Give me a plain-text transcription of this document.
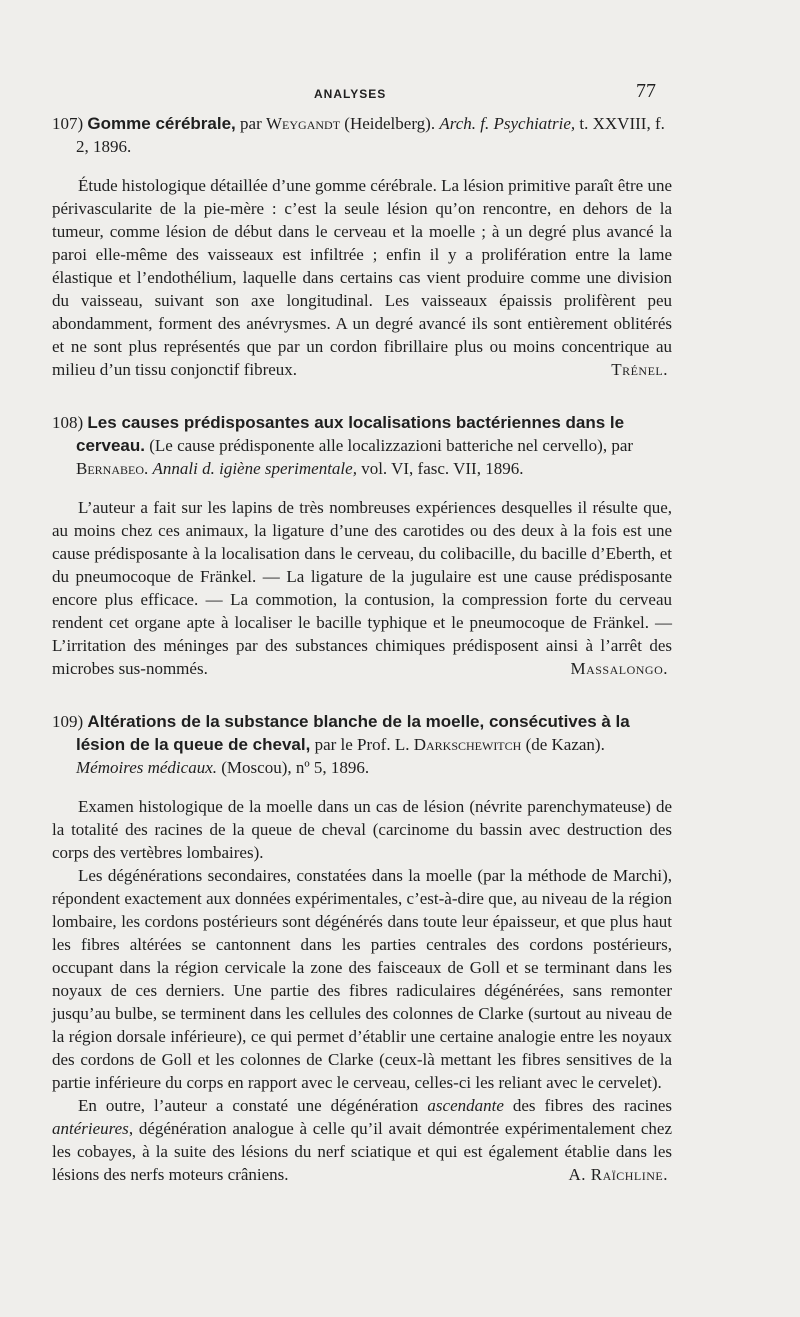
ANALYSES	77

107) Gomme cérébrale, par Weygandt (Heidelberg). Arch. f. Psychiatrie, t. XXVIII, f. 2, 1896.

Étude histologique détaillée d’une gomme cérébrale. La lésion primitive paraît être une périvascularite de la pie-mère : c’est la seule lésion qu’on rencontre, en dehors de la tumeur, comme lésion de début dans le cerveau et la moelle ; à un degré plus avancé la paroi elle-même des vaisseaux est infiltrée ; enfin il y a prolifération entre la lame élastique et l’endothélium, laquelle dans certains cas vient produire comme une division du vaisseau, suivant son axe longitudinal. Les vaisseaux épaissis prolifèrent peu abondamment, forment des anévrysmes. A un degré avancé ils sont entièrement oblitérés et ne sont plus représentés que par un cordon fibrillaire plus ou moins concentrique au milieu d’un tissu conjonctif fibreux.	Trénel.

108) Les causes prédisposantes aux localisations bactériennes dans le cerveau. (Le cause prédisponente alle localizzazioni batteriche nel cervello), par Bernabeo. Annali d. igiène sperimentale, vol. VI, fasc. VII, 1896.

L’auteur a fait sur les lapins de très nombreuses expériences desquelles il résulte que, au moins chez ces animaux, la ligature d’une des carotides ou des deux à la fois est une cause prédisposante à la localisation dans le cerveau, du colibacille, du bacille d’Eberth, et du pneumocoque de Fränkel. — La ligature de la jugulaire est une cause prédisposante encore plus efficace. — La commotion, la contusion, la compression forte du cerveau rendent cet organe apte à localiser le bacille typhique et le pneumocoque de Fränkel. — L’irritation des méninges par des substances chimiques prédisposent ainsi à l’arrêt des microbes sus-nommés.	Massalongo.

109) Altérations de la substance blanche de la moelle, consécutives à la lésion de la queue de cheval, par le Prof. L. Darkschewitch (de Kazan). Mémoires médicaux. (Moscou), nº 5, 1896.

Examen histologique de la moelle dans un cas de lésion (névrite parenchymateuse) de la totalité des racines de la queue de cheval (carcinome du bassin avec destruction des corps des vertèbres lombaires).

Les dégénérations secondaires, constatées dans la moelle (par la méthode de Marchi), répondent exactement aux données expérimentales, c’est-à-dire que, au niveau de la région lombaire, les cordons postérieurs sont dégénérés dans toute leur épaisseur, et que plus haut les fibres altérées se cantonnent dans les parties centrales des cordons postérieurs, occupant dans la région cervicale la zone des faisceaux de Goll et se terminant dans les noyaux de ces derniers. Une partie des fibres radiculaires dégénérées, sans remonter jusqu’au bulbe, se terminent dans les cellules des colonnes de Clarke (surtout au niveau de la région dorsale inférieure), ce qui permet d’établir une certaine analogie entre les noyaux des cordons de Goll et les colonnes de Clarke (ceux-là mettant les fibres sensitives de la partie inférieure du corps en rapport avec le cerveau, celles-ci les reliant avec le cervelet).

En outre, l’auteur a constaté une dégénération ascendante des fibres des racines antérieures, dégénération analogue à celle qu’il avait démontrée expérimentalement chez les cobayes, à la suite des lésions du nerf sciatique et qui est également établie dans les lésions des nerfs moteurs crâniens.	A. Raïchline.
